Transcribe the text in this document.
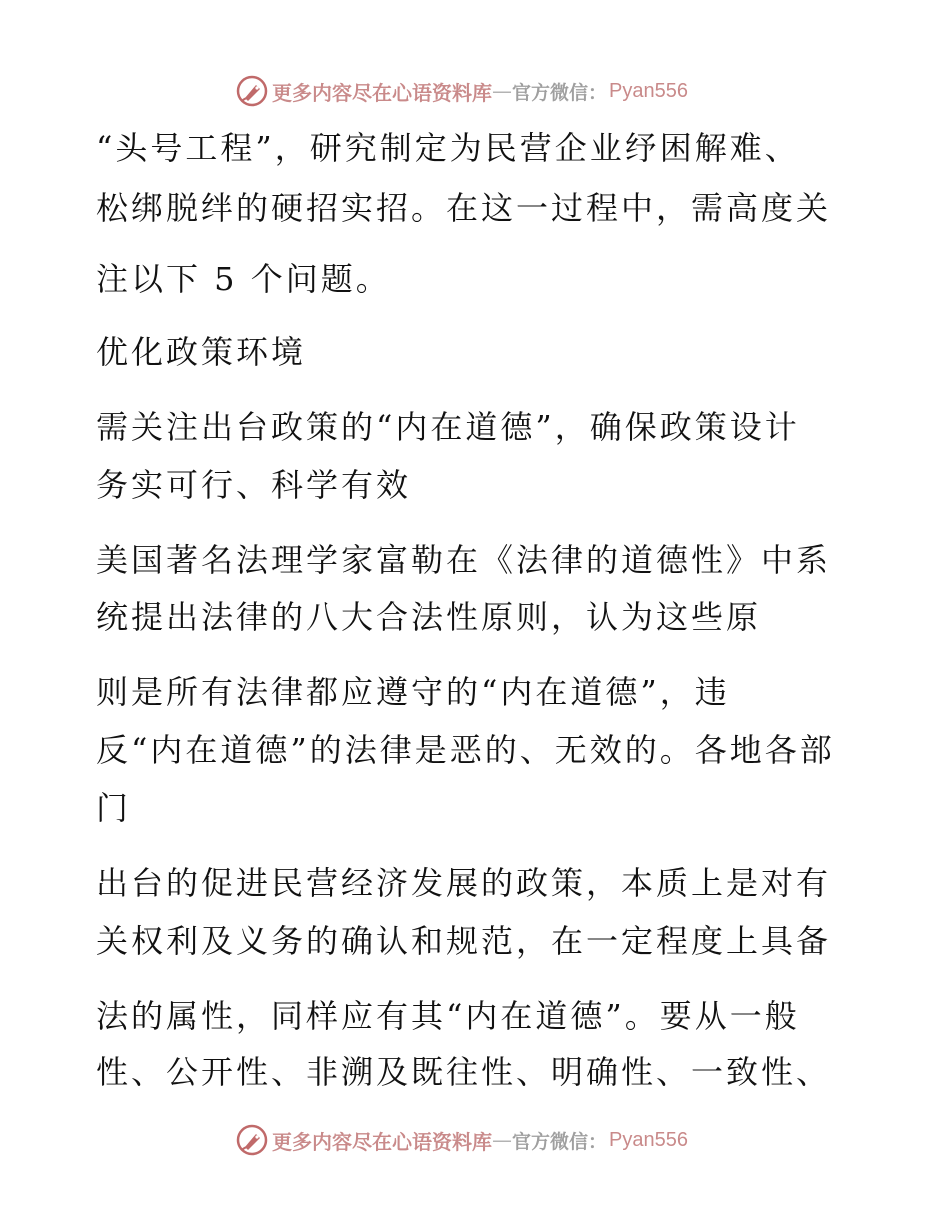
更多内容尽在心语资料库 — 官方微信： Pyan556
“头号工程”，研究制定为民营企业纾困解难、
松绑脱绊的硬招实招。在这一过程中，需高度关
注以下 5 个问题。
优化政策环境
需关注出台政策的“内在道德”，确保政策设计
务实可行、科学有效
美国著名法理学家富勒在《法律的道德性》中系
统提出法律的八大合法性原则，认为这些原
则是所有法律都应遵守的“内在道德”，违
反“内在道德”的法律是恶的、无效的。各地各部
门
出台的促进民营经济发展的政策，本质上是对有
关权利及义务的确认和规范，在一定程度上具备
法的属性，同样应有其“内在道德”。要从一般
性、公开性、非溯及既往性、明确性、一致性、
更多内容尽在心语资料库 — 官方微信： Pyan556
